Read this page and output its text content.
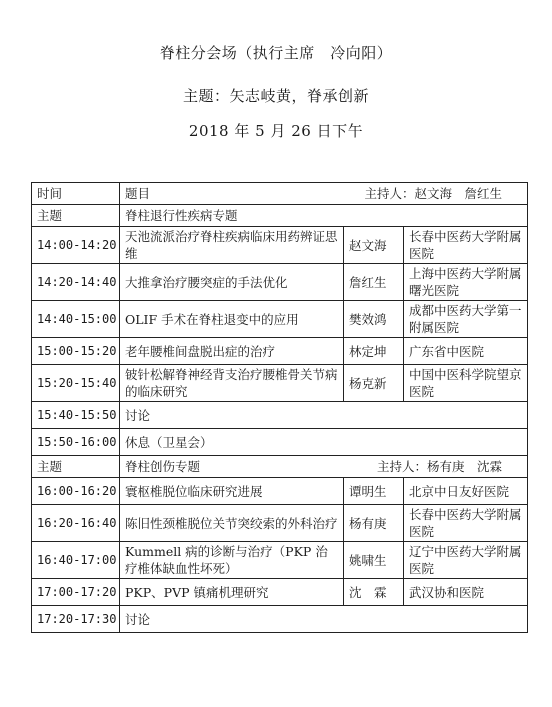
脊柱分会场（执行主席　冷向阳）
主题：矢志岐黄，脊承创新
2018 年 5 月 26 日下午
时间	题目 主持人：赵文海　詹红生		

主题	脊柱退行性疾病专题		
14:00-14:20	天池流派治疗脊柱疾病临床用药辨证思维	赵文海	长春中医药大学附属医院
14:20-14:40	大推拿治疗腰突症的手法优化	詹红生	上海中医药大学附属曙光医院
14:40-15:00	OLIF 手术在脊柱退变中的应用	樊效鸿	成都中医药大学第一附属医院
15:00-15:20	老年腰椎间盘脱出症的治疗	林定坤	广东省中医院
15:20-15:40	铍针松解脊神经背支治疗腰椎骨关节病的临床研究	杨克新	中国中医科学院望京医院
15:40-15:50	讨论		
15:50-16:00	休息（卫星会）		
主题	脊柱创伤专题 主持人：杨有庚　沈霖		

16:00-16:20	寰枢椎脱位临床研究进展	谭明生	北京中日友好医院
16:20-16:40	陈旧性颈椎脱位关节突绞索的外科治疗	杨有庚	长春中医药大学附属医院
16:40-17:00	Kummell 病的诊断与治疗（PKP 治疗椎体缺血性坏死）	姚啸生	辽宁中医药大学附属医院
17:00-17:20	PKP、PVP 镇痛机理研究	沈　霖	武汉协和医院
17:20-17:30	讨论		
